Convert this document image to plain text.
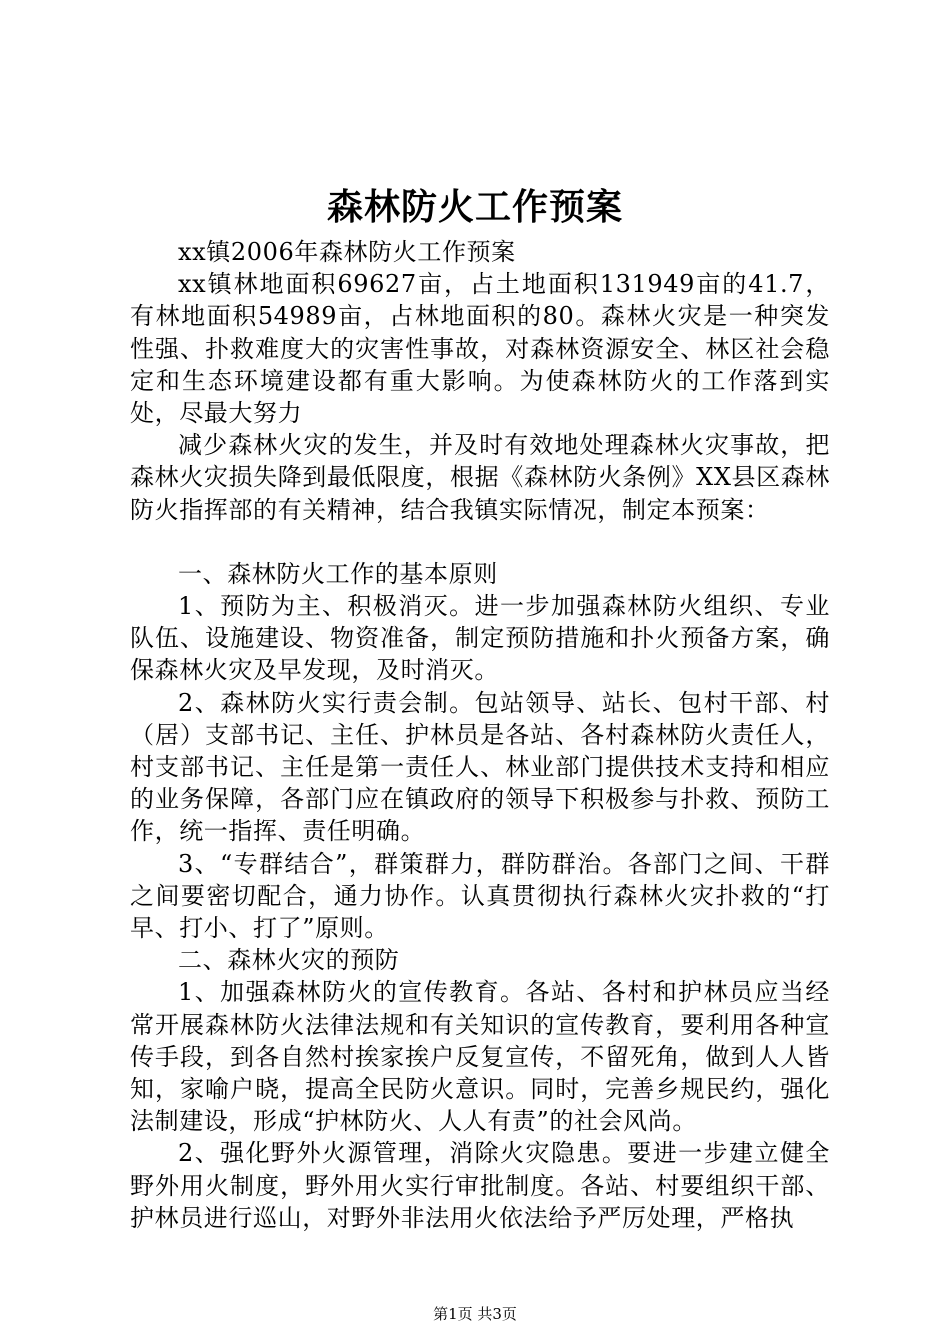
森林防火工作预案

xx镇2006年森林防火工作预案

xx镇林地面积69627亩，占土地面积131949亩的41.7，有林地面积54989亩，占林地面积的80。森林火灾是一种突发性强、扑救难度大的灾害性事故，对森林资源安全、林区社会稳定和生态环境建设都有重大影响。为使森林防火的工作落到实处，尽最大努力

减少森林火灾的发生，并及时有效地处理森林火灾事故，把森林火灾损失降到最低限度，根据《森林防火条例》XX县区森林防火指挥部的有关精神，结合我镇实际情况，制定本预案：

一、森林防火工作的基本原则

1、预防为主、积极消灭。进一步加强森林防火组织、专业队伍、设施建设、物资准备，制定预防措施和扑火预备方案，确保森林火灾及早发现，及时消灭。

2、森林防火实行责会制。包站领导、站长、包村干部、村（居）支部书记、主任、护林员是各站、各村森林防火责任人，村支部书记、主任是第一责任人、林业部门提供技术支持和相应的业务保障，各部门应在镇政府的领导下积极参与扑救、预防工作，统一指挥、责任明确。

3、“专群结合”，群策群力，群防群治。各部门之间、干群之间要密切配合，通力协作。认真贯彻执行森林火灾扑救的“打早、打小、打了”原则。

二、森林火灾的预防

1、加强森林防火的宣传教育。各站、各村和护林员应当经常开展森林防火法律法规和有关知识的宣传教育，要利用各种宣传手段，到各自然村挨家挨户反复宣传，不留死角，做到人人皆知，家喻户晓，提高全民防火意识。同时，完善乡规民约，强化法制建设，形成“护林防火、人人有责”的社会风尚。

2、强化野外火源管理，消除火灾隐患。要进一步建立健全野外用火制度，野外用火实行审批制度。各站、村要组织干部、护林员进行巡山，对野外非法用火依法给予严厉处理，严格执

第1页 共3页
